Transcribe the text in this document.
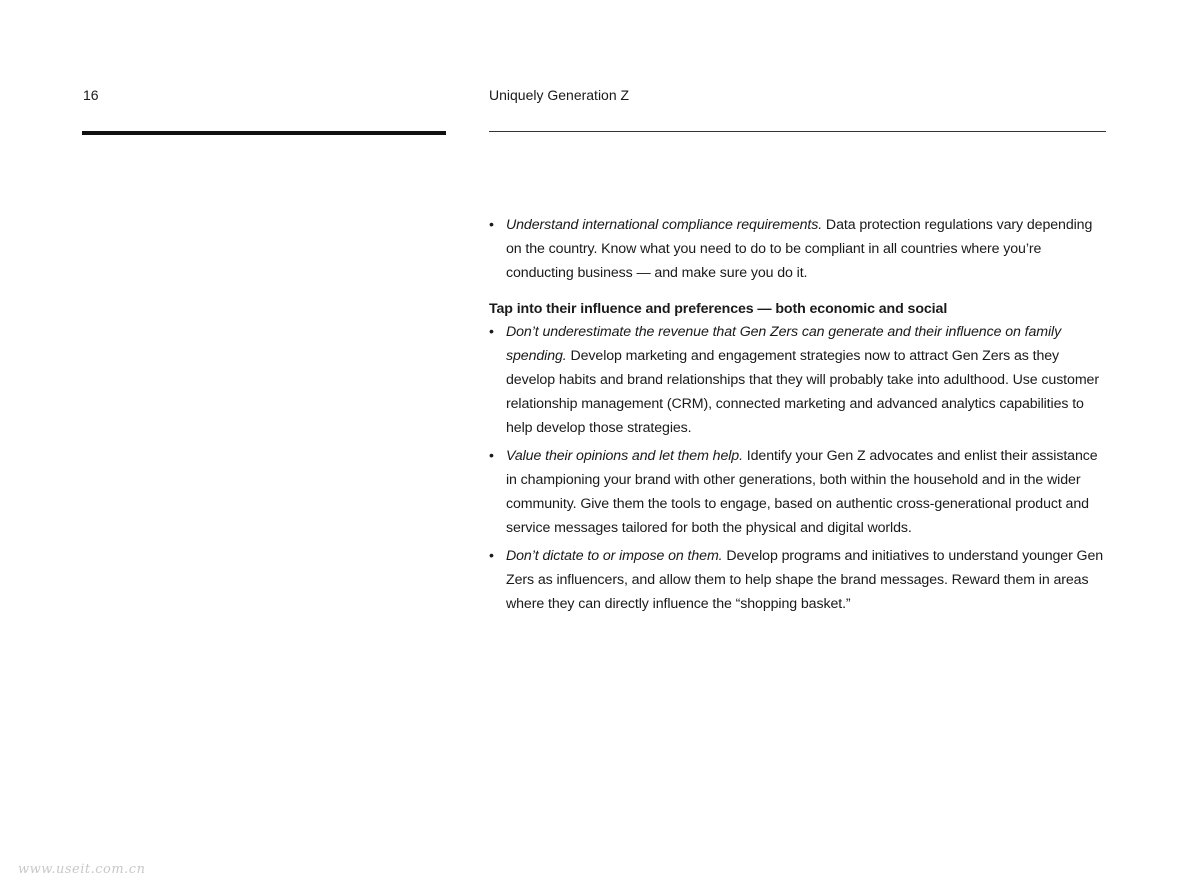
16	Uniquely Generation Z

• Understand international compliance requirements. Data protection regulations vary depending on the country. Know what you need to do to be compliant in all countries where you’re conducting business — and make sure you do it.

Tap into their influence and preferences — both economic and social

• Don’t underestimate the revenue that Gen Zers can generate and their influence on family spending. Develop marketing and engagement strategies now to attract Gen Zers as they develop habits and brand relationships that they will probably take into adulthood. Use customer relationship management (CRM), connected marketing and advanced analytics capabilities to help develop those strategies.
• Value their opinions and let them help. Identify your Gen Z advocates and enlist their assistance in championing your brand with other generations, both within the household and in the wider community. Give them the tools to engage, based on authentic cross-generational product and service messages tailored for both the physical and digital worlds.
• Don’t dictate to or impose on them. Develop programs and initiatives to understand younger Gen Zers as influencers, and allow them to help shape the brand messages. Reward them in areas where they can directly influence the “shopping basket.”

www.useit.com.cn
